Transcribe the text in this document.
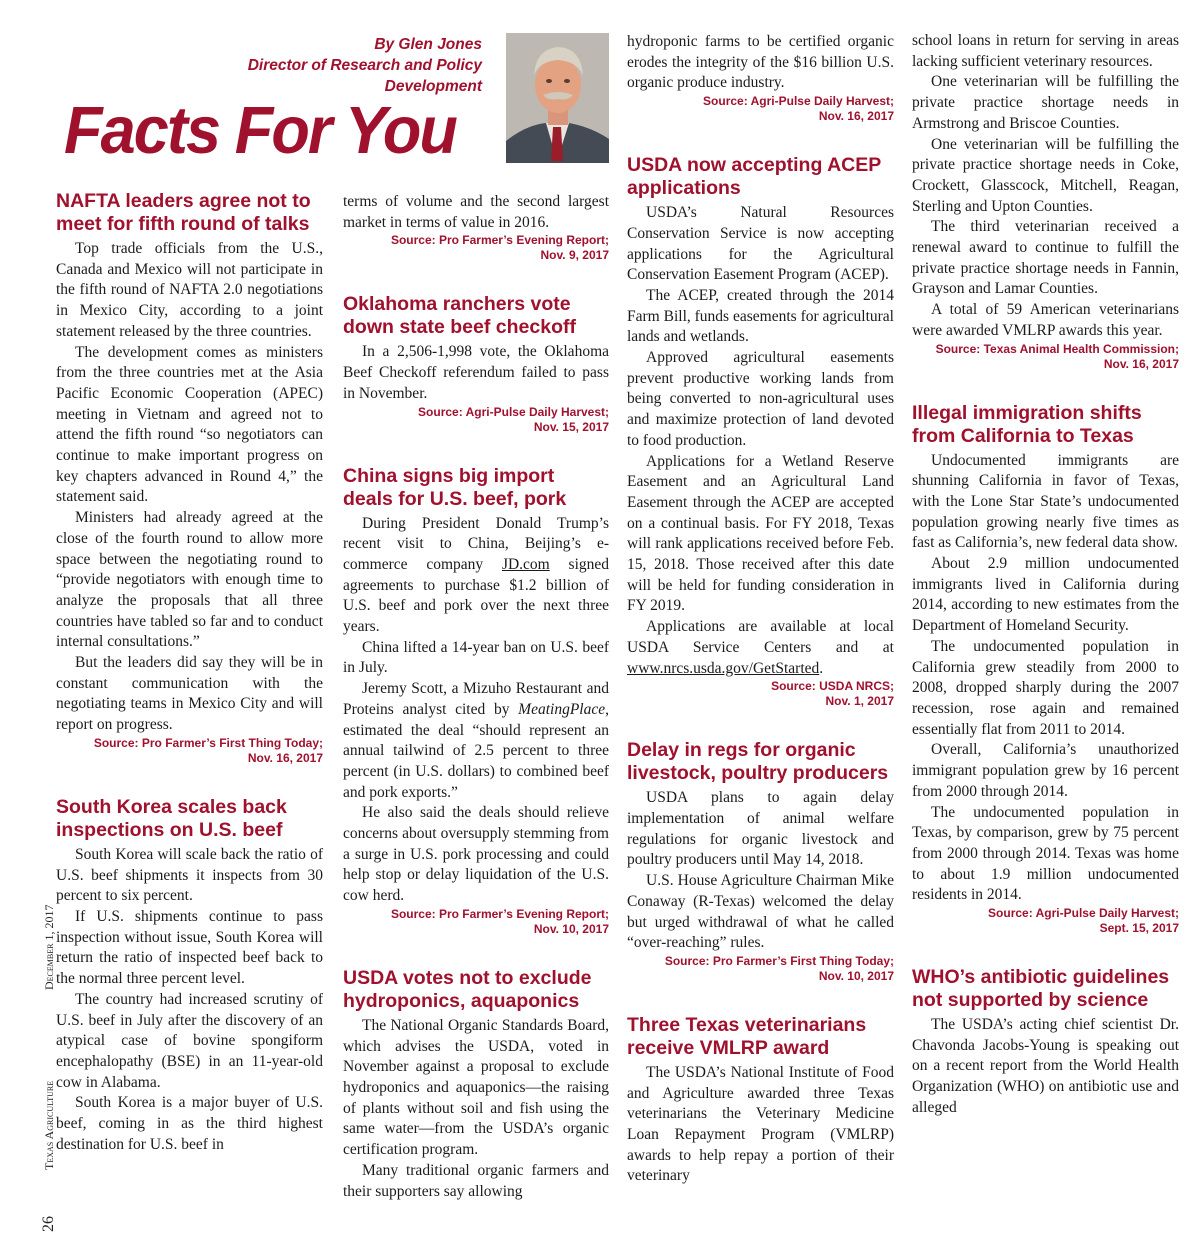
By Glen Jones
Director of Research and Policy Development
Facts For You
December 1, 2017
Texas Agriculture
26
NAFTA leaders agree not to meet for fifth round of talks

Top trade officials from the U.S., Canada and Mexico will not participate in the fifth round of NAFTA 2.0 negotiations in Mexico City, according to a joint statement released by the three countries.

The development comes as ministers from the three countries met at the Asia Pacific Economic Cooperation (APEC) meeting in Vietnam and agreed not to attend the fifth round “so negotiators can continue to make important progress on key chapters advanced in Round 4,” the statement said.

Ministers had already agreed at the close of the fourth round to allow more space between the negotiating round to “provide negotiators with enough time to analyze the proposals that all three countries have tabled so far and to conduct internal consultations.”

But the leaders did say they will be in constant communication with the negotiating teams in Mexico City and will report on progress.

Source: Pro Farmer’s First Thing Today;

Nov. 16, 2017

South Korea scales back inspections on U.S. beef

South Korea will scale back the ratio of U.S. beef shipments it inspects from 30 percent to six percent.

If U.S. shipments continue to pass inspection without issue, South Korea will return the ratio of inspected beef back to the normal three percent level.

The country had increased scrutiny of U.S. beef in July after the discovery of an atypical case of bovine spongiform encephalopathy (BSE) in an 11-year-old cow in Alabama.

South Korea is a major buyer of U.S. beef, coming in as the third highest destination for U.S. beef in

terms of volume and the second largest market in terms of value in 2016.

Source: Pro Farmer’s Evening Report;

Nov. 9, 2017

Oklahoma ranchers vote down state beef checkoff

In a 2,506-1,998 vote, the Oklahoma Beef Checkoff referendum failed to pass in November.

Source: Agri-Pulse Daily Harvest;

Nov. 15, 2017

China signs big import deals for U.S. beef, pork

During President Donald Trump’s recent visit to China, Beijing’s e-commerce company JD.com signed agreements to purchase $1.2 billion of U.S. beef and pork over the next three years.

China lifted a 14-year ban on U.S. beef in July.

Jeremy Scott, a Mizuho Restaurant and Proteins analyst cited by MeatingPlace, estimated the deal “should represent an annual tailwind of 2.5 percent to three percent (in U.S. dollars) to combined beef and pork exports.”

He also said the deals should relieve concerns about oversupply stemming from a surge in U.S. pork processing and could help stop or delay liquidation of the U.S. cow herd.

Source: Pro Farmer’s Evening Report;

Nov. 10, 2017

USDA votes not to exclude hydroponics, aquaponics

The National Organic Standards Board, which advises the USDA, voted in November against a proposal to exclude hydroponics and aquaponics—the raising of plants without soil and fish using the same water—from the USDA’s organic certification program.

Many traditional organic farmers and their supporters say allowing

hydroponic farms to be certified organic erodes the integrity of the $16 billion U.S. organic produce industry.

Source: Agri-Pulse Daily Harvest;

Nov. 16, 2017

USDA now accepting ACEP applications

USDA’s Natural Resources Conservation Service is now accepting applications for the Agricultural Conservation Easement Program (ACEP).

The ACEP, created through the 2014 Farm Bill, funds easements for agricultural lands and wetlands.

Approved agricultural easements prevent productive working lands from being converted to non-agricultural uses and maximize protection of land devoted to food production.

Applications for a Wetland Reserve Easement and an Agricultural Land Easement through the ACEP are accepted on a continual basis. For FY 2018, Texas will rank applications received before Feb. 15, 2018. Those received after this date will be held for funding consideration in FY 2019.

Applications are available at local USDA Service Centers and at www.nrcs.usda.gov/GetStarted.

Source: USDA NRCS;

Nov. 1, 2017

Delay in regs for organic livestock, poultry producers

USDA plans to again delay implementation of animal welfare regulations for organic livestock and poultry producers until May 14, 2018.

U.S. House Agriculture Chairman Mike Conaway (R-Texas) welcomed the delay but urged withdrawal of what he called “over-reaching” rules.

Source: Pro Farmer’s First Thing Today;

Nov. 10, 2017

Three Texas veterinarians receive VMLRP award

The USDA’s National Institute of Food and Agriculture awarded three Texas veterinarians the Veterinary Medicine Loan Repayment Program (VMLRP) awards to help repay a portion of their veterinary

school loans in return for serving in areas lacking sufficient veterinary resources.

One veterinarian will be fulfilling the private practice shortage needs in Armstrong and Briscoe Counties.

One veterinarian will be fulfilling the private practice shortage needs in Coke, Crockett, Glasscock, Mitchell, Reagan, Sterling and Upton Counties.

The third veterinarian received a renewal award to continue to fulfill the private practice shortage needs in Fannin, Grayson and Lamar Counties.

A total of 59 American veterinarians were awarded VMLRP awards this year.

Source: Texas Animal Health Commission;

Nov. 16, 2017

Illegal immigration shifts from California to Texas

Undocumented immigrants are shunning California in favor of Texas, with the Lone Star State’s undocumented population growing nearly five times as fast as California’s, new federal data show.

About 2.9 million undocumented immigrants lived in California during 2014, according to new estimates from the Department of Homeland Security.

The undocumented population in California grew steadily from 2000 to 2008, dropped sharply during the 2007 recession, rose again and remained essentially flat from 2011 to 2014.

Overall, California’s unauthorized immigrant population grew by 16 percent from 2000 through 2014.

The undocumented population in Texas, by comparison, grew by 75 percent from 2000 through 2014. Texas was home to about 1.9 million undocumented residents in 2014.

Source: Agri-Pulse Daily Harvest;

Sept. 15, 2017

WHO’s antibiotic guidelines not supported by science

The USDA’s acting chief scientist Dr. Chavonda Jacobs-Young is speaking out on a recent report from the World Health Organization (WHO) on antibiotic use and alleged
